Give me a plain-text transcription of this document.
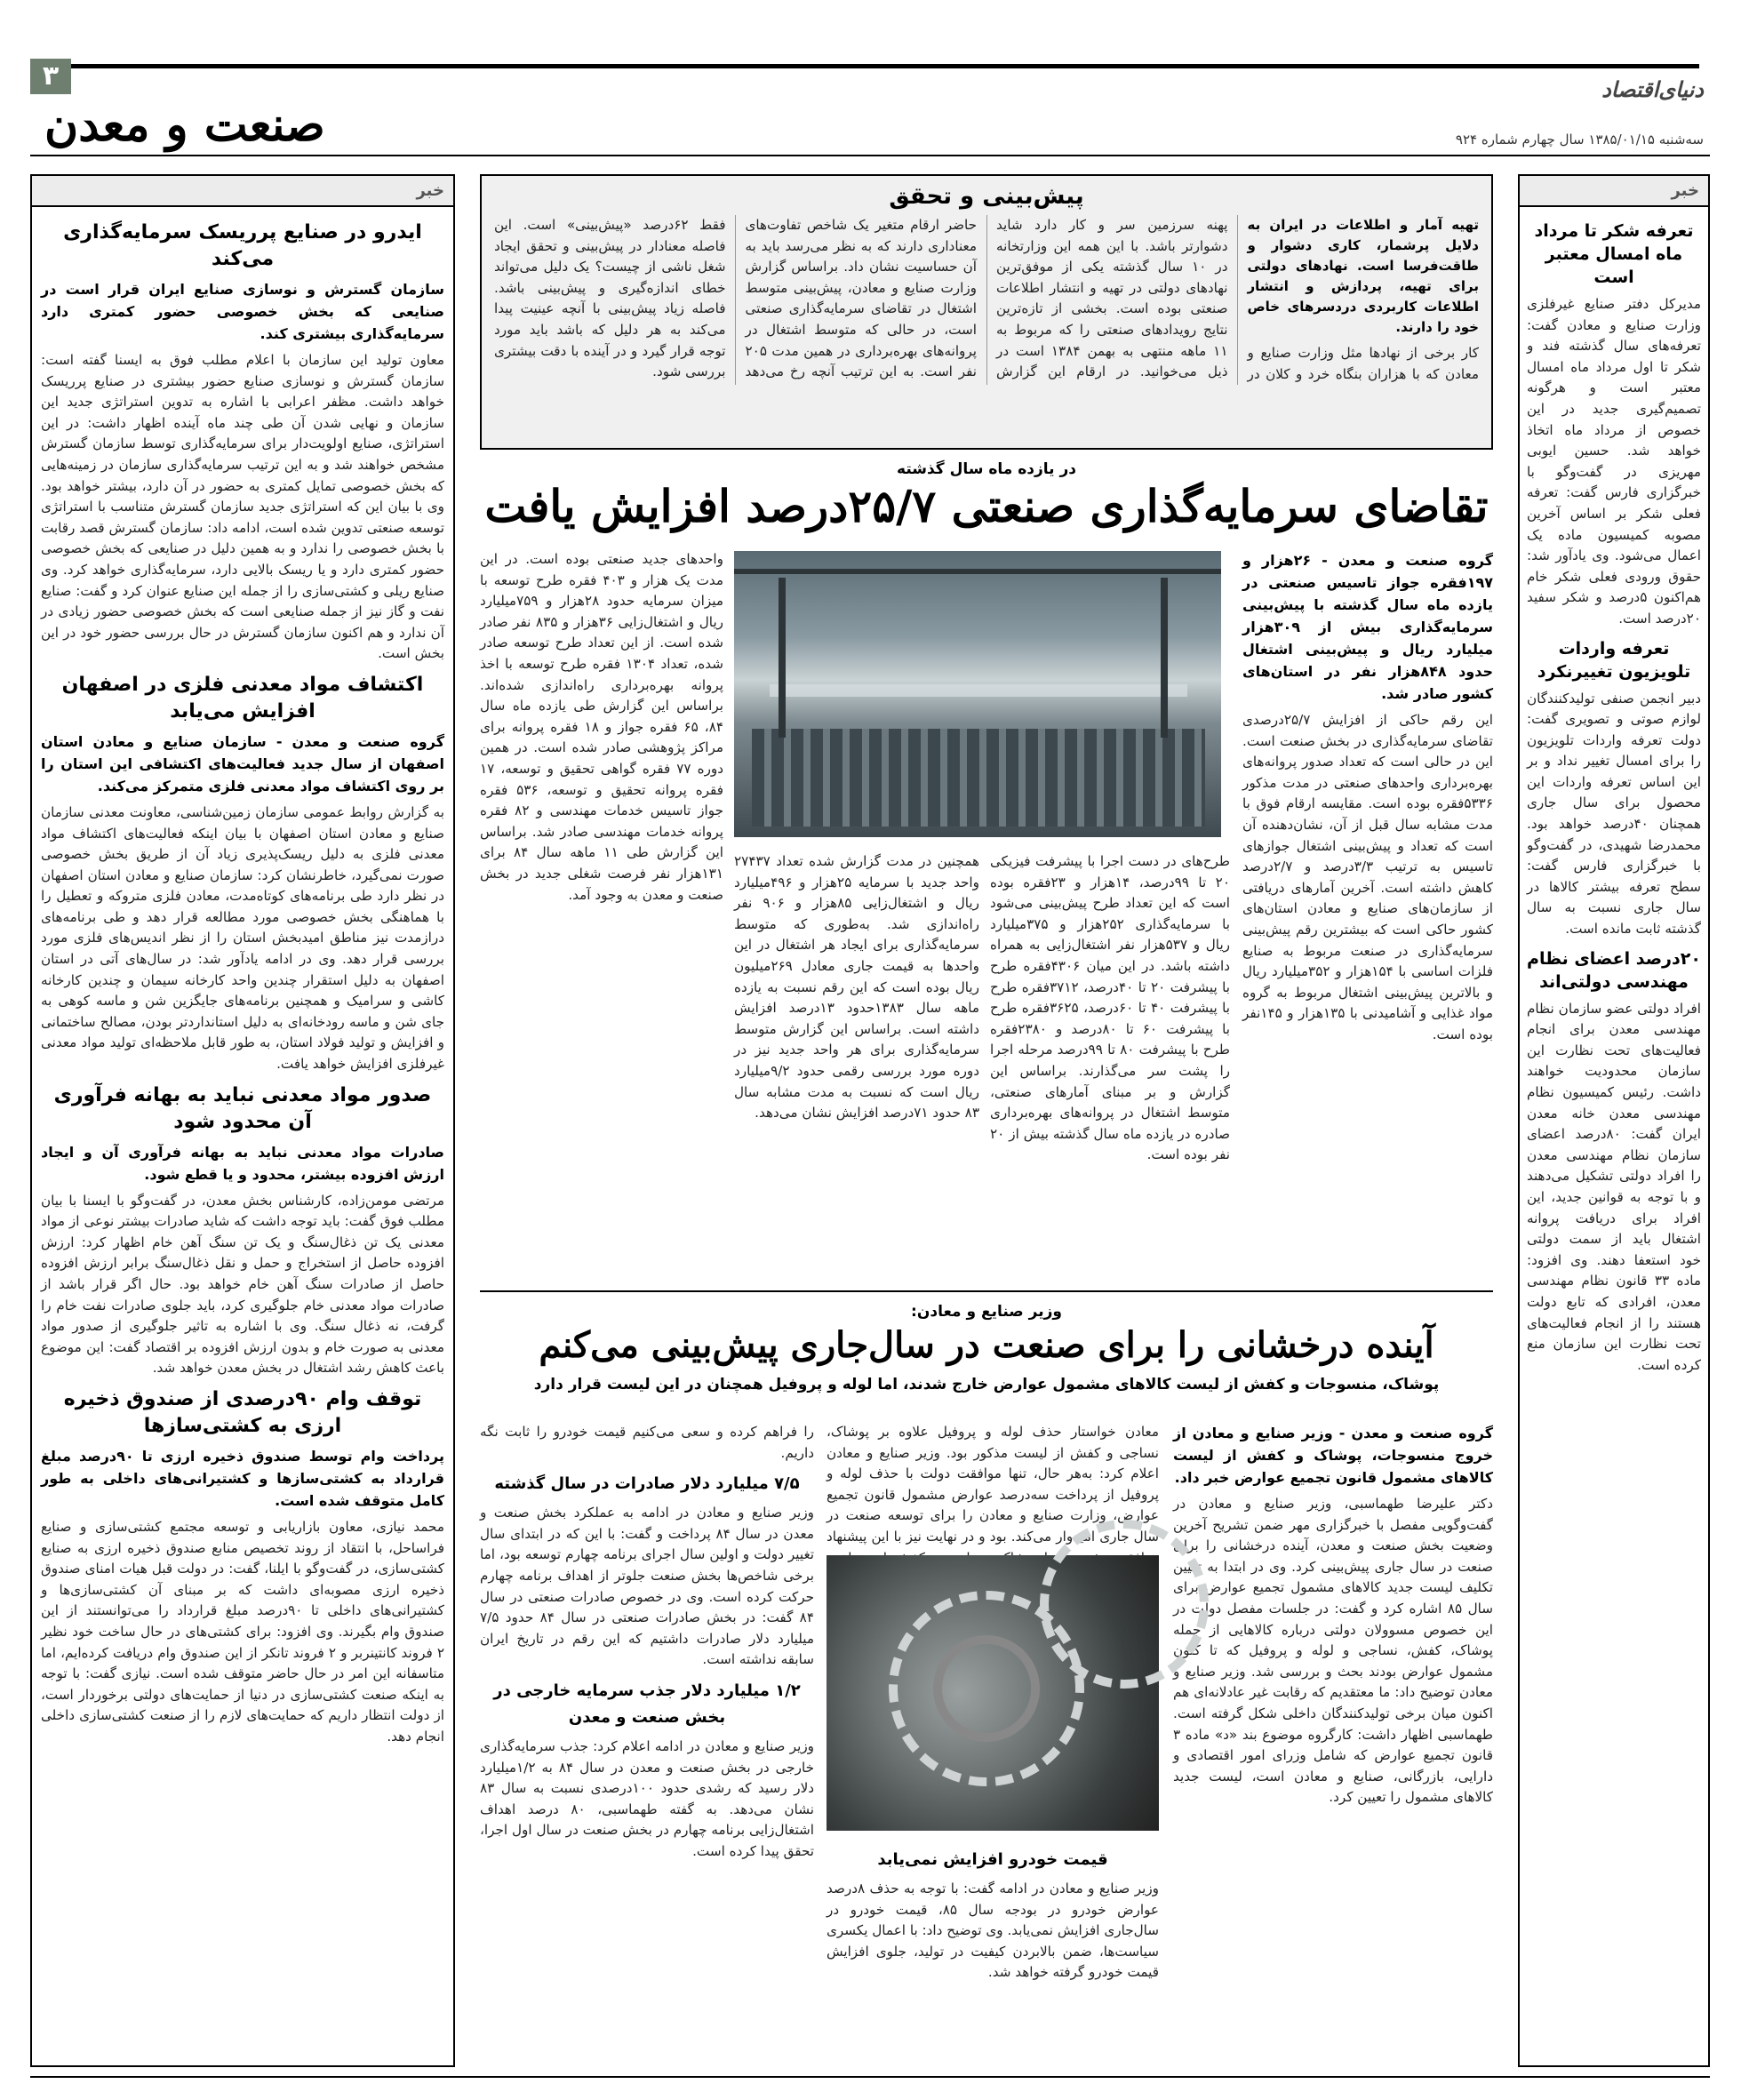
۳
صنعت و معدن
دنیای‌اقتصاد
سه‌شنبه ۱۳۸۵/۰۱/۱۵ سال چهارم شماره ۹۲۴
خبر
ایدرو در صنایع پرریسک سرمایه‌گذاری می‌کند

سازمان گسترش و نوسازی صنایع ایران قرار است در صنایعی که بخش خصوصی حضور کمتری دارد سرمایه‌گذاری بیشتری کند.

معاون تولید این سازمان با اعلام مطلب فوق به ایسنا گفته است: سازمان گسترش و نوسازی صنایع حضور بیشتری در صنایع پرریسک خواهد داشت. مظفر اعرابی با اشاره به تدوین استراتژی جدید این سازمان و نهایی شدن آن طی چند ماه آینده اظهار داشت: در این استراتژی، صنایع اولویت‌دار برای سرمایه‌گذاری توسط سازمان گسترش مشخص خواهند شد و به این ترتیب سرمایه‌گذاری سازمان در زمینه‌هایی که بخش خصوصی تمایل کمتری به حضور در آن دارد، بیشتر خواهد بود. وی با بیان این که استراتژی جدید سازمان گسترش متناسب با استراتژی توسعه صنعتی تدوین شده است، ادامه داد: سازمان گسترش قصد رقابت با بخش خصوصی را ندارد و به همین دلیل در صنایعی که بخش خصوصی حضور کمتری دارد و یا ریسک بالایی دارد، سرمایه‌گذاری خواهد کرد. وی صنایع ریلی و کشتی‌سازی را از جمله این صنایع عنوان کرد و گفت: صنایع نفت و گاز نیز از جمله صنایعی است که بخش خصوصی حضور زیادی در آن ندارد و هم اکنون سازمان گسترش در حال بررسی حضور خود در این بخش است.

اکتشاف مواد معدنی فلزی در اصفهان افزایش می‌یابد

گروه صنعت و معدن - سازمان صنایع و معادن استان اصفهان از سال جدید فعالیت‌های اکتشافی این استان را بر روی اکتشاف مواد معدنی فلزی متمرکز می‌کند.

به گزارش روابط عمومی سازمان زمین‌شناسی، معاونت معدنی سازمان صنایع و معادن استان اصفهان با بیان اینکه فعالیت‌های اکتشاف مواد معدنی فلزی به دلیل ریسک‌پذیری زیاد آن از طریق بخش خصوصی صورت نمی‌گیرد، خاطرنشان کرد: سازمان صنایع و معادن استان اصفهان در نظر دارد طی برنامه‌های کوتاه‌مدت، معادن فلزی متروکه و تعطیل را با هماهنگی بخش خصوصی مورد مطالعه قرار دهد و طی برنامه‌های درازمدت نیز مناطق امیدبخش استان را از نظر اندیس‌های فلزی مورد بررسی قرار دهد. وی در ادامه یادآور شد: در سال‌های آتی در استان اصفهان به دلیل استقرار چندین واحد کارخانه سیمان و چندین کارخانه کاشی و سرامیک و همچنین برنامه‌های جایگزین شن و ماسه کوهی به جای شن و ماسه رودخانه‌ای به دلیل استانداردتر بودن، مصالح ساختمانی و افزایش و تولید فولاد استان، به طور قابل ملاحظه‌ای تولید مواد معدنی غیرفلزی افزایش خواهد یافت.

صدور مواد معدنی نباید به بهانه فرآوری آن محدود شود

صادرات مواد معدنی نباید به بهانه فرآوری آن و ایجاد ارزش افزوده بیشتر، محدود و یا قطع شود.

مرتضی مومن‌زاده، کارشناس بخش معدن، در گفت‌وگو با ایسنا با بیان مطلب فوق گفت: باید توجه داشت که شاید صادرات بیشتر نوعی از مواد معدنی یک تن ذغال‌سنگ و یک تن سنگ آهن خام اظهار کرد: ارزش افزوده حاصل از استخراج و حمل و نقل ذغال‌سنگ برابر ارزش افزوده حاصل از صادرات سنگ آهن خام خواهد بود. حال اگر قرار باشد از صادرات مواد معدنی خام جلوگیری کرد، باید جلوی صادرات نفت خام را گرفت، نه ذغال سنگ. وی با اشاره به تاثیر جلوگیری از صدور مواد معدنی به صورت خام و بدون ارزش افزوده بر اقتصاد گفت: این موضوع باعث کاهش رشد اشتغال در بخش معدن خواهد شد.

توقف وام ۹۰درصدی از صندوق ذخیره ارزی به کشتی‌سازها

پرداخت وام توسط صندوق ذخیره ارزی تا ۹۰درصد مبلغ قرارداد به کشتی‌سازها و کشتیرانی‌های داخلی به طور کامل متوقف شده است.

محمد نیازی، معاون بازاریابی و توسعه مجتمع کشتی‌سازی و صنایع فراساحل، با انتقاد از روند تخصیص منابع صندوق ذخیره ارزی به صنایع کشتی‌سازی، در گفت‌وگو با ایلنا، گفت: در دولت قبل هیات امنای صندوق ذخیره ارزی مصوبه‌ای داشت که بر مبنای آن کشتی‌سازی‌ها و کشتیرانی‌های داخلی تا ۹۰درصد مبلغ قرارداد را می‌توانستند از این صندوق وام بگیرند. وی افزود: برای کشتی‌های در حال ساخت خود نظیر ۲ فروند کانتینربر و ۲ فروند تانکر از این صندوق وام دریافت کرده‌ایم، اما متاسفانه این امر در حال حاضر متوقف شده است. نیازی گفت: با توجه به اینکه صنعت کشتی‌سازی در دنیا از حمایت‌های دولتی برخوردار است، از دولت انتظار داریم که حمایت‌های لازم را از صنعت کشتی‌سازی داخلی انجام دهد.

خبر
تعرفه شکر تا مرداد ماه امسال معتبر است

مدیرکل دفتر صنایع غیرفلزی وزارت صنایع و معادن گفت: تعرفه‌های سال گذشته فند و شکر تا اول مرداد ماه امسال معتبر است و هرگونه تصمیم‌گیری جدید در این خصوص از مرداد ماه اتخاذ خواهد شد. حسین ایوبی مهریزی در گفت‌وگو با خبرگزاری فارس گفت: تعرفه فعلی شکر بر اساس آخرین مصوبه کمیسیون ماده یک اعمال می‌شود. وی یادآور شد: حقوق ورودی فعلی شکر خام هم‌اکنون ۵درصد و شکر سفید ۲۰درصد است.

تعرفه واردات تلویزیون تغییرنکرد

دبیر انجمن صنفی تولیدکنندگان لوازم صوتی و تصویری گفت: دولت تعرفه واردات تلویزیون را برای امسال تغییر نداد و بر این اساس تعرفه واردات این محصول برای سال جاری همچنان ۴۰درصد خواهد بود. محمدرضا شهیدی، در گفت‌وگو با خبرگزاری فارس گفت: سطح تعرفه بیشتر کالاها در سال جاری نسبت به سال گذشته ثابت مانده است.

۲۰درصد اعضای نظام مهندسی دولتی‌اند

افراد دولتی عضو سازمان نظام مهندسی معدن برای انجام فعالیت‌های تحت نظارت این سازمان محدودیت خواهند داشت. رئیس کمیسیون نظام مهندسی معدن خانه معدن ایران گفت: ۸۰درصد اعضای سازمان نظام مهندسی معدن را افراد دولتی تشکیل می‌دهند و با توجه به قوانین جدید، این افراد برای دریافت پروانه اشتغال باید از سمت دولتی خود استعفا دهند. وی افزود: ماده ۳۳ قانون نظام مهندسی معدن، افرادی که تابع دولت هستند را از انجام فعالیت‌های تحت نظارت این سازمان منع کرده است.

پیش‌بینی و تحقق

تهیه آمار و اطلاعات در ایران به دلایل پرشمار، کاری دشوار و طاقت‌فرسا است. نهادهای دولتی برای تهیه، پردازش و انتشار اطلاعات کاربردی دردسرهای خاص خود را دارند.

کار برخی از نهادها مثل وزارت صنایع و معادن که با هزاران بنگاه خرد و کلان در پهنه سرزمین سر و کار دارد شاید دشوارتر باشد. با این همه این وزارتخانه در ۱۰ سال گذشته یکی از موفق‌ترین نهادهای دولتی در تهیه و انتشار اطلاعات صنعتی بوده است. بخشی از تازه‌ترین نتایج رویدادهای صنعتی را که مربوط به ۱۱ ماهه منتهی به بهمن ۱۳۸۴ است در ذیل می‌خوانید. در ارقام این گزارش حاضر ارقام متغیر یک شاخص تفاوت‌های معناداری دارند که به نظر می‌رسد باید به آن حساسیت نشان داد. براساس گزارش وزارت صنایع و معادن، پیش‌بینی متوسط اشتغال در تقاضای سرمایه‌گذاری صنعتی است، در حالی که متوسط اشتغال در پروانه‌های بهره‌برداری در همین مدت ۲۰۵ نفر است. به این ترتیب آنچه رخ می‌دهد فقط ۶۲درصد «پیش‌بینی» است. این فاصله معنادار در پیش‌بینی و تحقق ایجاد شغل ناشی از چیست؟ یک دلیل می‌تواند خطای اندازه‌گیری و پیش‌بینی باشد. فاصله زیاد پیش‌بینی با آنچه عینیت پیدا می‌کند به هر دلیل که باشد باید مورد توجه قرار گیرد و در آینده با دقت بیشتری بررسی شود.

در یازده ماه سال گذشته
تقاضای سرمایه‌گذاری صنعتی ۲۵/۷درصد افزایش یافت

گروه صنعت و معدن - ۲۶هزار و ۱۹۷فقره جواز تاسیس صنعتی در یازده ماه سال گذشته با پیش‌بینی سرمایه‌گذاری بیش از ۳۰۹هزار میلیارد ریال و پیش‌بینی اشتغال حدود ۸۴۸هزار نفر در استان‌های کشور صادر شد.

این رقم حاکی از افزایش ۲۵/۷درصدی تقاضای سرمایه‌گذاری در بخش صنعت است. این در حالی است که تعداد صدور پروانه‌های بهره‌برداری واحدهای صنعتی در مدت مذکور ۵۳۳۶فقره بوده است. مقایسه ارقام فوق با مدت مشابه سال قبل از آن، نشان‌دهنده آن است که تعداد و پیش‌بینی اشتغال جوازهای تاسیس به ترتیب ۳/۳درصد و ۲/۷درصد کاهش داشته است. آخرین آمارهای دریافتی از سازمان‌های صنایع و معادن استان‌های کشور حاکی است که بیشترین رقم پیش‌بینی سرمایه‌گذاری در صنعت مربوط به صنایع فلزات اساسی با ۱۵۴هزار و ۳۵۲میلیارد ریال و بالاترین پیش‌بینی اشتغال مربوط به گروه مواد غذایی و آشامیدنی با ۱۳۵هزار و ۱۴۵نفر بوده است.

طرح‌های در دست اجرا با پیشرفت فیزیکی ۲۰ تا ۹۹درصد، ۱۴هزار و ۲۳فقره بوده است که این تعداد طرح پیش‌بینی می‌شود با سرمایه‌گذاری ۲۵۲هزار و ۳۷۵میلیارد ریال و ۵۳۷هزار نفر اشتغال‌زایی به همراه داشته باشد. در این میان ۴۳۰۶فقره طرح با پیشرفت ۲۰ تا ۴۰درصد، ۳۷۱۲فقره طرح با پیشرفت ۴۰ تا ۶۰درصد، ۳۶۲۵فقره طرح با پیشرفت ۶۰ تا ۸۰درصد و ۲۳۸۰فقره طرح با پیشرفت ۸۰ تا ۹۹درصد مرحله اجرا را پشت سر می‌گذارند. براساس این گزارش و بر مبنای آمارهای صنعتی، متوسط اشتغال در پروانه‌های بهره‌برداری صادره در یازده ماه سال گذشته بیش از ۲۰ نفر بوده است.

همچنین در مدت گزارش شده تعداد ۲۷۴۳۷ واحد جدید با سرمایه ۲۵هزار و ۴۹۶میلیارد ریال و اشتغال‌زایی ۸۵هزار و ۹۰۶ نفر راه‌اندازی شد. به‌طوری که متوسط سرمایه‌گذاری برای ایجاد هر اشتغال در این واحدها به قیمت جاری معادل ۲۶۹میلیون ریال بوده است که این رقم نسبت به یازده ماهه سال ۱۳۸۳حدود ۱۳درصد افزایش داشته است. براساس این گزارش متوسط سرمایه‌گذاری برای هر واحد جدید نیز در دوره مورد بررسی رقمی حدود ۹/۲میلیارد ریال است که نسبت به مدت مشابه سال ۸۳ حدود ۷۱درصد افزایش نشان می‌دهد.

واحدهای جدید صنعتی بوده است. در این مدت یک هزار و ۴۰۳ فقره طرح توسعه با میزان سرمایه حدود ۲۸هزار و ۷۵۹میلیارد ریال و اشتغال‌زایی ۳۶هزار و ۸۳۵ نفر صادر شده است. از این تعداد طرح توسعه صادر شده، تعداد ۱۳۰۴ فقره طرح توسعه با اخذ پروانه بهره‌برداری راه‌اندازی شده‌اند. براساس این گزارش طی یازده ماه سال ۸۴، ۶۵ فقره جواز و ۱۸ فقره پروانه برای مراکز پژوهشی صادر شده است. در همین دوره ۷۷ فقره گواهی تحقیق و توسعه، ۱۷ فقره پروانه تحقیق و توسعه، ۵۳۶ فقره جواز تاسیس خدمات مهندسی و ۸۲ فقره پروانه خدمات مهندسی صادر شد. براساس این گزارش طی ۱۱ ماهه سال ۸۴ برای ۱۳۱هزار نفر فرصت شغلی جدید در بخش صنعت و معدن به وجود آمد.

وزیر صنایع و معادن:
آینده درخشانی را برای صنعت در سال‌جاری پیش‌بینی می‌کنم
پوشاک، منسوجات و کفش از لیست کالاهای مشمول عوارض خارج شدند، اما لوله و پروفیل همچنان در این لیست قرار دارد

گروه صنعت و معدن - وزیر صنایع و معادن از خروج منسوجات، پوشاک و کفش از لیست کالاهای مشمول قانون تجمیع عوارض خبر داد.

دکتر علیرضا طهماسبی، وزیر صنایع و معادن در گفت‌وگویی مفصل با خبرگزاری مهر ضمن تشریح آخرین وضعیت بخش صنعت و معدن، آینده درخشانی را برای صنعت در سال جاری پیش‌بینی کرد. وی در ابتدا به تعیین تکلیف لیست جدید کالاهای مشمول تجمیع عوارض برای سال ۸۵ اشاره کرد و گفت: در جلسات مفصل دولت در این خصوص مسوولان دولتی درباره کالاهایی از جمله پوشاک، کفش، نساجی و لوله و پروفیل که تا کنون مشمول عوارض بودند بحث و بررسی شد. وزیر صنایع و معادن توضیح داد: ما معتقدیم که رقابت غیر عادلانه‌ای هم اکنون میان برخی تولیدکنندگان داخلی شکل گرفته است. طهماسبی اظهار داشت: کارگروه موضوع بند «د» ماده ۳ قانون تجمیع عوارض که شامل وزرای امور اقتصادی و دارایی، بازرگانی، صنایع و معادن است، لیست جدید کالاهای مشمول را تعیین کرد.

معادن خواستار حذف لوله و پروفیل علاوه بر پوشاک، نساجی و کفش از لیست مذکور بود. وزیر صنایع و معادن اعلام کرد: به‌هر حال، تنها موافقت دولت با حذف لوله و پروفیل از پرداخت سه‌درصد عوارض مشمول قانون تجمیع عوارض، وزارت صنایع و معادن را برای توسعه صنعت در سال جاری امیدوار می‌کند. بود و در نهایت نیز با این پیشنهاد

قیمت خودرو افزایش نمی‌یابد

وزیر صنایع و معادن در ادامه گفت: با توجه به حذف ۸درصد عوارض خودرو در بودجه سال ۸۵، قیمت خودرو در سال‌جاری افزایش نمی‌یابد. وی توضیح داد: با اعمال یکسری سیاست‌ها، ضمن بالابردن کیفیت در تولید، جلوی افزایش قیمت خودرو گرفته خواهد شد.

را فراهم کرده و سعی می‌کنیم قیمت خودرو را ثابت نگه داریم.

۷/۵ میلیارد دلار صادرات در سال گذشته

وزیر صنایع و معادن در ادامه به عملکرد بخش صنعت و معدن در سال ۸۴ پرداخت و گفت: با این که در ابتدای سال تغییر دولت و اولین سال اجرای برنامه چهارم توسعه بود، اما برخی شاخص‌ها بخش صنعت جلوتر از اهداف برنامه چهارم حرکت کرده است. وی در خصوص صادرات صنعتی در سال ۸۴ گفت: در بخش صادرات صنعتی در سال ۸۴ حدود ۷/۵ میلیارد دلار صادرات داشتیم که این رقم در تاریخ ایران سابقه نداشته است.

۱/۲ میلیارد دلار جذب سرمایه خارجی در بخش صنعت و معدن

وزیر صنایع و معادن در ادامه اعلام کرد: جذب سرمایه‌گذاری خارجی در بخش صنعت و معدن در سال ۸۴ به ۱/۲میلیارد دلار رسید که رشدی حدود ۱۰۰درصدی نسبت به سال ۸۳ نشان می‌دهد. به گفته طهماسبی، ۸۰ درصد اهداف اشتغال‌زایی برنامه چهارم در بخش صنعت در سال اول اجرا، تحقق پیدا کرده است.
